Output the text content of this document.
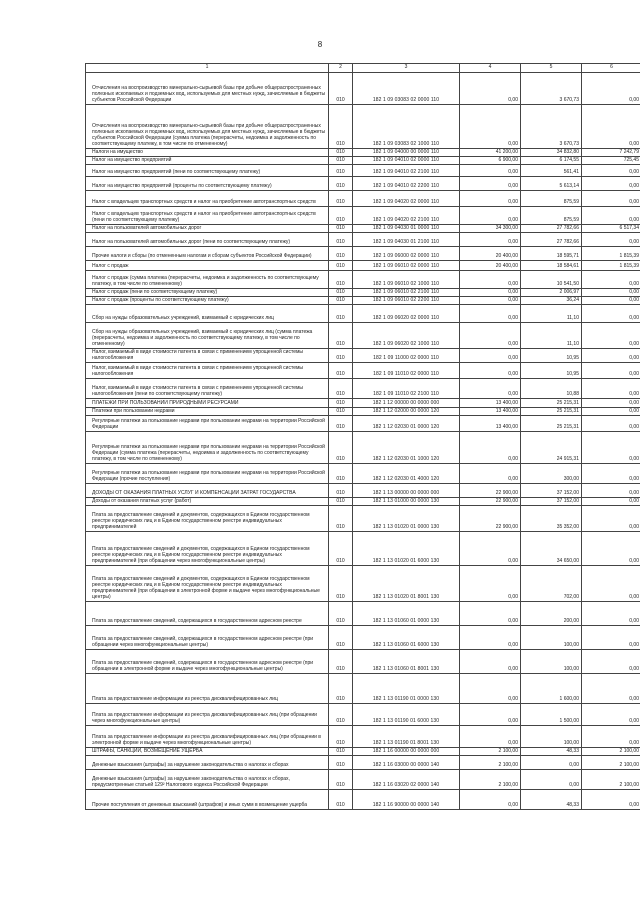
8
1	2	3	4	5	6
Отчисления на воспроизводство минерально-сырьевой базы при добыче общераспространенных полезных ископаемых и подземных вод, используемых для местных нужд, зачисляемые в бюджеты субъектов Российской Федерации	010	182 1 09 03083 02 0000 110	0,00	3 670,73	0,00
Отчисления на воспроизводство минерально-сырьевой базы при добыче общераспространенных полезных ископаемых и подземных вод, используемых для местных нужд, зачисляемые в бюджеты субъектов Российской Федерации (сумма платежа (перерасчеты, недоимка и задолженность по соответствующему платежу, в том числе по отмененному)	010	182 1 09 03083 02 1000 110	0,00	3 670,73	0,00
Налоги на имущество	010	182 1 09 04000 00 0000 110	41 200,00	34 832,80	7 242,79
Налог на имущество предприятий	010	182 1 09 04010 02 0000 110	6 900,00	6 174,55	725,45
Налог на имущество предприятий (пени по соответствующему платежу)	010	182 1 09 04010 02 2100 110	0,00	561,41	0,00
Налог на имущество предприятий (проценты по соответствующему платежу)	010	182 1 09 04010 02 2200 110	0,00	5 613,14	0,00
Налог с владельцев транспортных средств и налог на приобретение автотранспортных средств	010	182 1 09 04020 02 0000 110	0,00	875,59	0,00
Налог с владельцев транспортных средств и налог на приобретение автотранспортных средств (пени по соответствующему платежу)	010	182 1 09 04020 02 2100 110	0,00	875,59	0,00
Налог на пользователей автомобильных дорог	010	182 1 09 04030 01 0000 110	34 300,00	27 782,66	6 517,34
Налог на пользователей автомобильных дорог (пени по соответствующему платежу)	010	182 1 09 04030 01 2100 110	0,00	27 782,66	0,00
Прочие налоги и сборы (по отмененным налогам и сборам субъектов Российской Федерации)	010	182 1 09 06000 02 0000 110	20 400,00	18 595,71	1 815,39
Налог с продаж	010	182 1 09 06010 02 0000 110	20 400,00	18 584,61	1 815,39
Налог с продаж (сумма платежа (перерасчеты, недоимка и задолженность по соответствующему платежу, в том числе по отмененному)	010	182 1 09 06010 02 1000 110	0,00	10 541,50	0,00
Налог с продаж (пени по соответствующему платежу)	010	182 1 09 06010 02 2100 110	0,00	2 006,97	0,00
Налог с продаж (проценты по соответствующему платежу)	010	182 1 09 06010 02 2200 110	0,00	36,24	0,00
Сбор на нужды образовательных учреждений, взимаемый с юридических лиц	010	182 1 09 06020 02 0000 110	0,00	11,10	0,00
Сбор на нужды образовательных учреждений, взимаемый с юридических лиц (сумма платежа (перерасчеты, недоимка и задолженность по соответствующему платежу, в том числе по отмененному)	010	182 1 09 06020 02 1000 110	0,00	11,10	0,00
Налог, взимаемый в виде стоимости патента в связи с применением упрощенной системы налогообложения	010	182 1 09 11000 02 0000 110	0,00	10,95	0,00
Налог, взимаемый в виде стоимости патента в связи с применением упрощенной системы налогообложения	010	182 1 09 11010 02 0000 110	0,00	10,95	0,00
Налог, взимаемый в виде стоимости патента в связи с применением упрощенной системы налогообложения (пени по соответствующему платежу)	010	182 1 09 11010 02 2100 110	0,00	10,88	0,00
ПЛАТЕЖИ ПРИ ПОЛЬЗОВАНИИ ПРИРОДНЫМИ РЕСУРСАМИ	010	182 1 12 00000 00 0000 000	13 400,00	25 215,31	0,00
Платежи при пользовании недрами	010	182 1 12 02000 00 0000 120	13 400,00	25 215,31	0,00
Регулярные платежи за пользование недрами при пользовании недрами на территории Российской Федерации	010	182 1 12 02030 01 0000 120	13 400,00	25 215,31	0,00
Регулярные платежи за пользование недрами при пользовании недрами на территории Российской Федерации (сумма платежа (перерасчеты, недоимка и задолженность по соответствующему платежу, в том числе по отмененному)	010	182 1 12 02030 01 1000 120	0,00	24 915,31	0,00
Регулярные платежи за пользование недрами при пользовании недрами на территории Российской Федерации (прочие поступления)	010	182 1 12 02030 01 4000 120	0,00	300,00	0,00
ДОХОДЫ ОТ ОКАЗАНИЯ ПЛАТНЫХ УСЛУГ И КОМПЕНСАЦИИ ЗАТРАТ ГОСУДАРСТВА	010	182 1 13 00000 00 0000 000	22 900,00	37 152,00	0,00
Доходы от оказания платных услуг (работ)	010	182 1 13 01000 00 0000 130	22 900,00	37 152,00	0,00
Плата за предоставление сведений и документов, содержащихся в Едином государственном реестре юридических лиц и в Едином государственном реестре индивидуальных предпринимателей	010	182 1 13 01020 01 0000 130	22 900,00	35 352,00	0,00
Плата за предоставление сведений и документов, содержащихся в Едином государственном реестре юридических лиц и в Едином государственном реестре индивидуальных предпринимателей (при обращении через многофункциональные центры)	010	182 1 13 01020 01 6000 130	0,00	34 650,00	0,00
Плата за предоставление сведений и документов, содержащихся в Едином государственном реестре юридических лиц и в Едином государственном реестре индивидуальных предпринимателей (при обращении в электронной форме и выдаче через многофункциональные центры)	010	182 1 13 01020 01 8001 130	0,00	702,00	0,00
Плата за предоставление сведений, содержащихся в государственном адресном реестре	010	182 1 13 01060 01 0000 130	0,00	200,00	0,00
Плата за предоставление сведений, содержащихся в государственном адресном реестре (при обращении через многофункциональные центры)	010	182 1 13 01060 01 6000 130	0,00	100,00	0,00
Плата за предоставление сведений, содержащихся в государственном адресном реестре (при обращении в электронной форме и выдаче через многофункциональные центры)	010	182 1 13 01060 01 8001 130	0,00	100,00	0,00
Плата за предоставление информации из реестра дисквалифицированных лиц	010	182 1 13 01190 01 0000 130	0,00	1 600,00	0,00
Плата за предоставление информации из реестра дисквалифицированных лиц (при обращении через многофункциональные центры)	010	182 1 13 01190 01 6000 130	0,00	1 500,00	0,00
Плата за предоставление информации из реестра дисквалифицированных лиц (при обращении в электронной форме и выдаче через многофункциональные центры)	010	182 1 13 01190 01 8001 130	0,00	100,00	0,00
ШТРАФЫ, САНКЦИИ, ВОЗМЕЩЕНИЕ УЩЕРБА	010	182 1 16 00000 00 0000 000	2 100,00	48,33	2 100,00
Денежные взыскания (штрафы) за нарушение законодательства о налогах и сборах	010	182 1 16 03000 00 0000 140	2 100,00	0,00	2 100,00
Денежные взыскания (штрафы) за нарушение законодательства о налогах и сборах, предусмотренные статьей 129² Налогового кодекса Российской Федерации	010	182 1 16 03020 02 0000 140	2 100,00	0,00	2 100,00
Прочие поступления от денежных взысканий (штрафов) и иных сумм в возмещение ущерба	010	182 1 16 90000 00 0000 140	0,00	48,33	0,00
